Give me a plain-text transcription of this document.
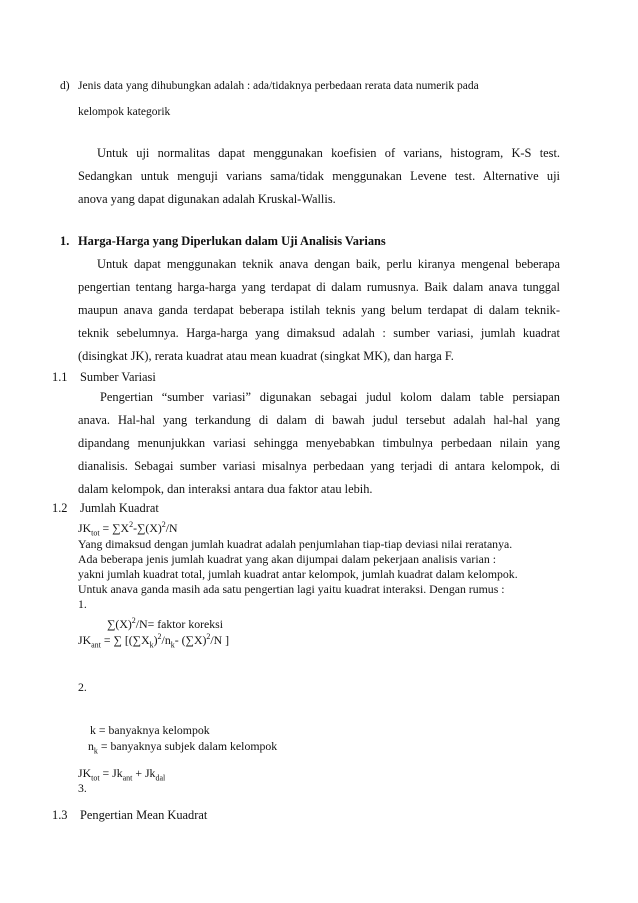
d) Jenis data yang dihubungkan adalah : ada/tidaknya perbedaan rerata data numerik pada
kelompok kategorik
Untuk uji normalitas dapat menggunakan koefisien of varians, histogram, K-S test.
Sedangkan untuk menguji varians sama/tidak menggunakan Levene test. Alternative uji
anova yang dapat digunakan adalah Kruskal-Wallis.
1. Harga-Harga yang Diperlukan dalam Uji Analisis Varians
Untuk dapat menggunakan teknik anava dengan baik, perlu kiranya mengenal beberapa
pengertian tentang harga-harga yang terdapat di dalam rumusnya. Baik dalam anava tunggal
maupun anava ganda terdapat beberapa istilah teknis yang belum terdapat di dalam teknik-
teknik sebelumnya. Harga-harga yang dimaksud adalah : sumber variasi, jumlah kuadrat
(disingkat JK), rerata kuadrat atau mean kuadrat (singkat MK), dan harga F.
1.1 Sumber Variasi
Pengertian “sumber variasi” digunakan sebagai judul kolom dalam table persiapan
anava. Hal-hal yang terkandung di dalam di bawah judul tersebut adalah hal-hal yang
dipandang menunjukkan variasi sehingga menyebabkan timbulnya perbedaan nilain yang
dianalisis. Sebagai sumber variasi misalnya perbedaan yang terjadi di antara kelompok, di
dalam kelompok, dan interaksi antara dua faktor atau lebih.
1.2 Jumlah Kuadrat
$JK_{tot} = \sum X^2-\sum(X)^2/N$
Yang dimaksud dengan jumlah kuadrat adalah penjumlahan tiap-tiap deviasi nilai reratanya.
Ada beberapa jenis jumlah kuadrat yang akan dijumpai dalam pekerjaan analisis varian :
yakni jumlah kuadrat total, jumlah kuadrat antar kelompok, jumlah kuadrat dalam kelompok.
Untuk anava ganda masih ada satu pengertian lagi yaitu kuadrat interaksi. Dengan rumus :
1.
$\sum(X)^2/N=$ faktor koreksi
$JK_{ant}$ = ∑ [$(\sum X_k)^2/n_k-$ $(\sum X)^2/N$ ]
2.
k = banyaknya kelompok
$n_k$ = banyaknya subjek dalam kelompok
$JK_{tot} = Jk_{ant} + Jk_{dal}$
3.
1.3 Pengertian Mean Kuadrat
